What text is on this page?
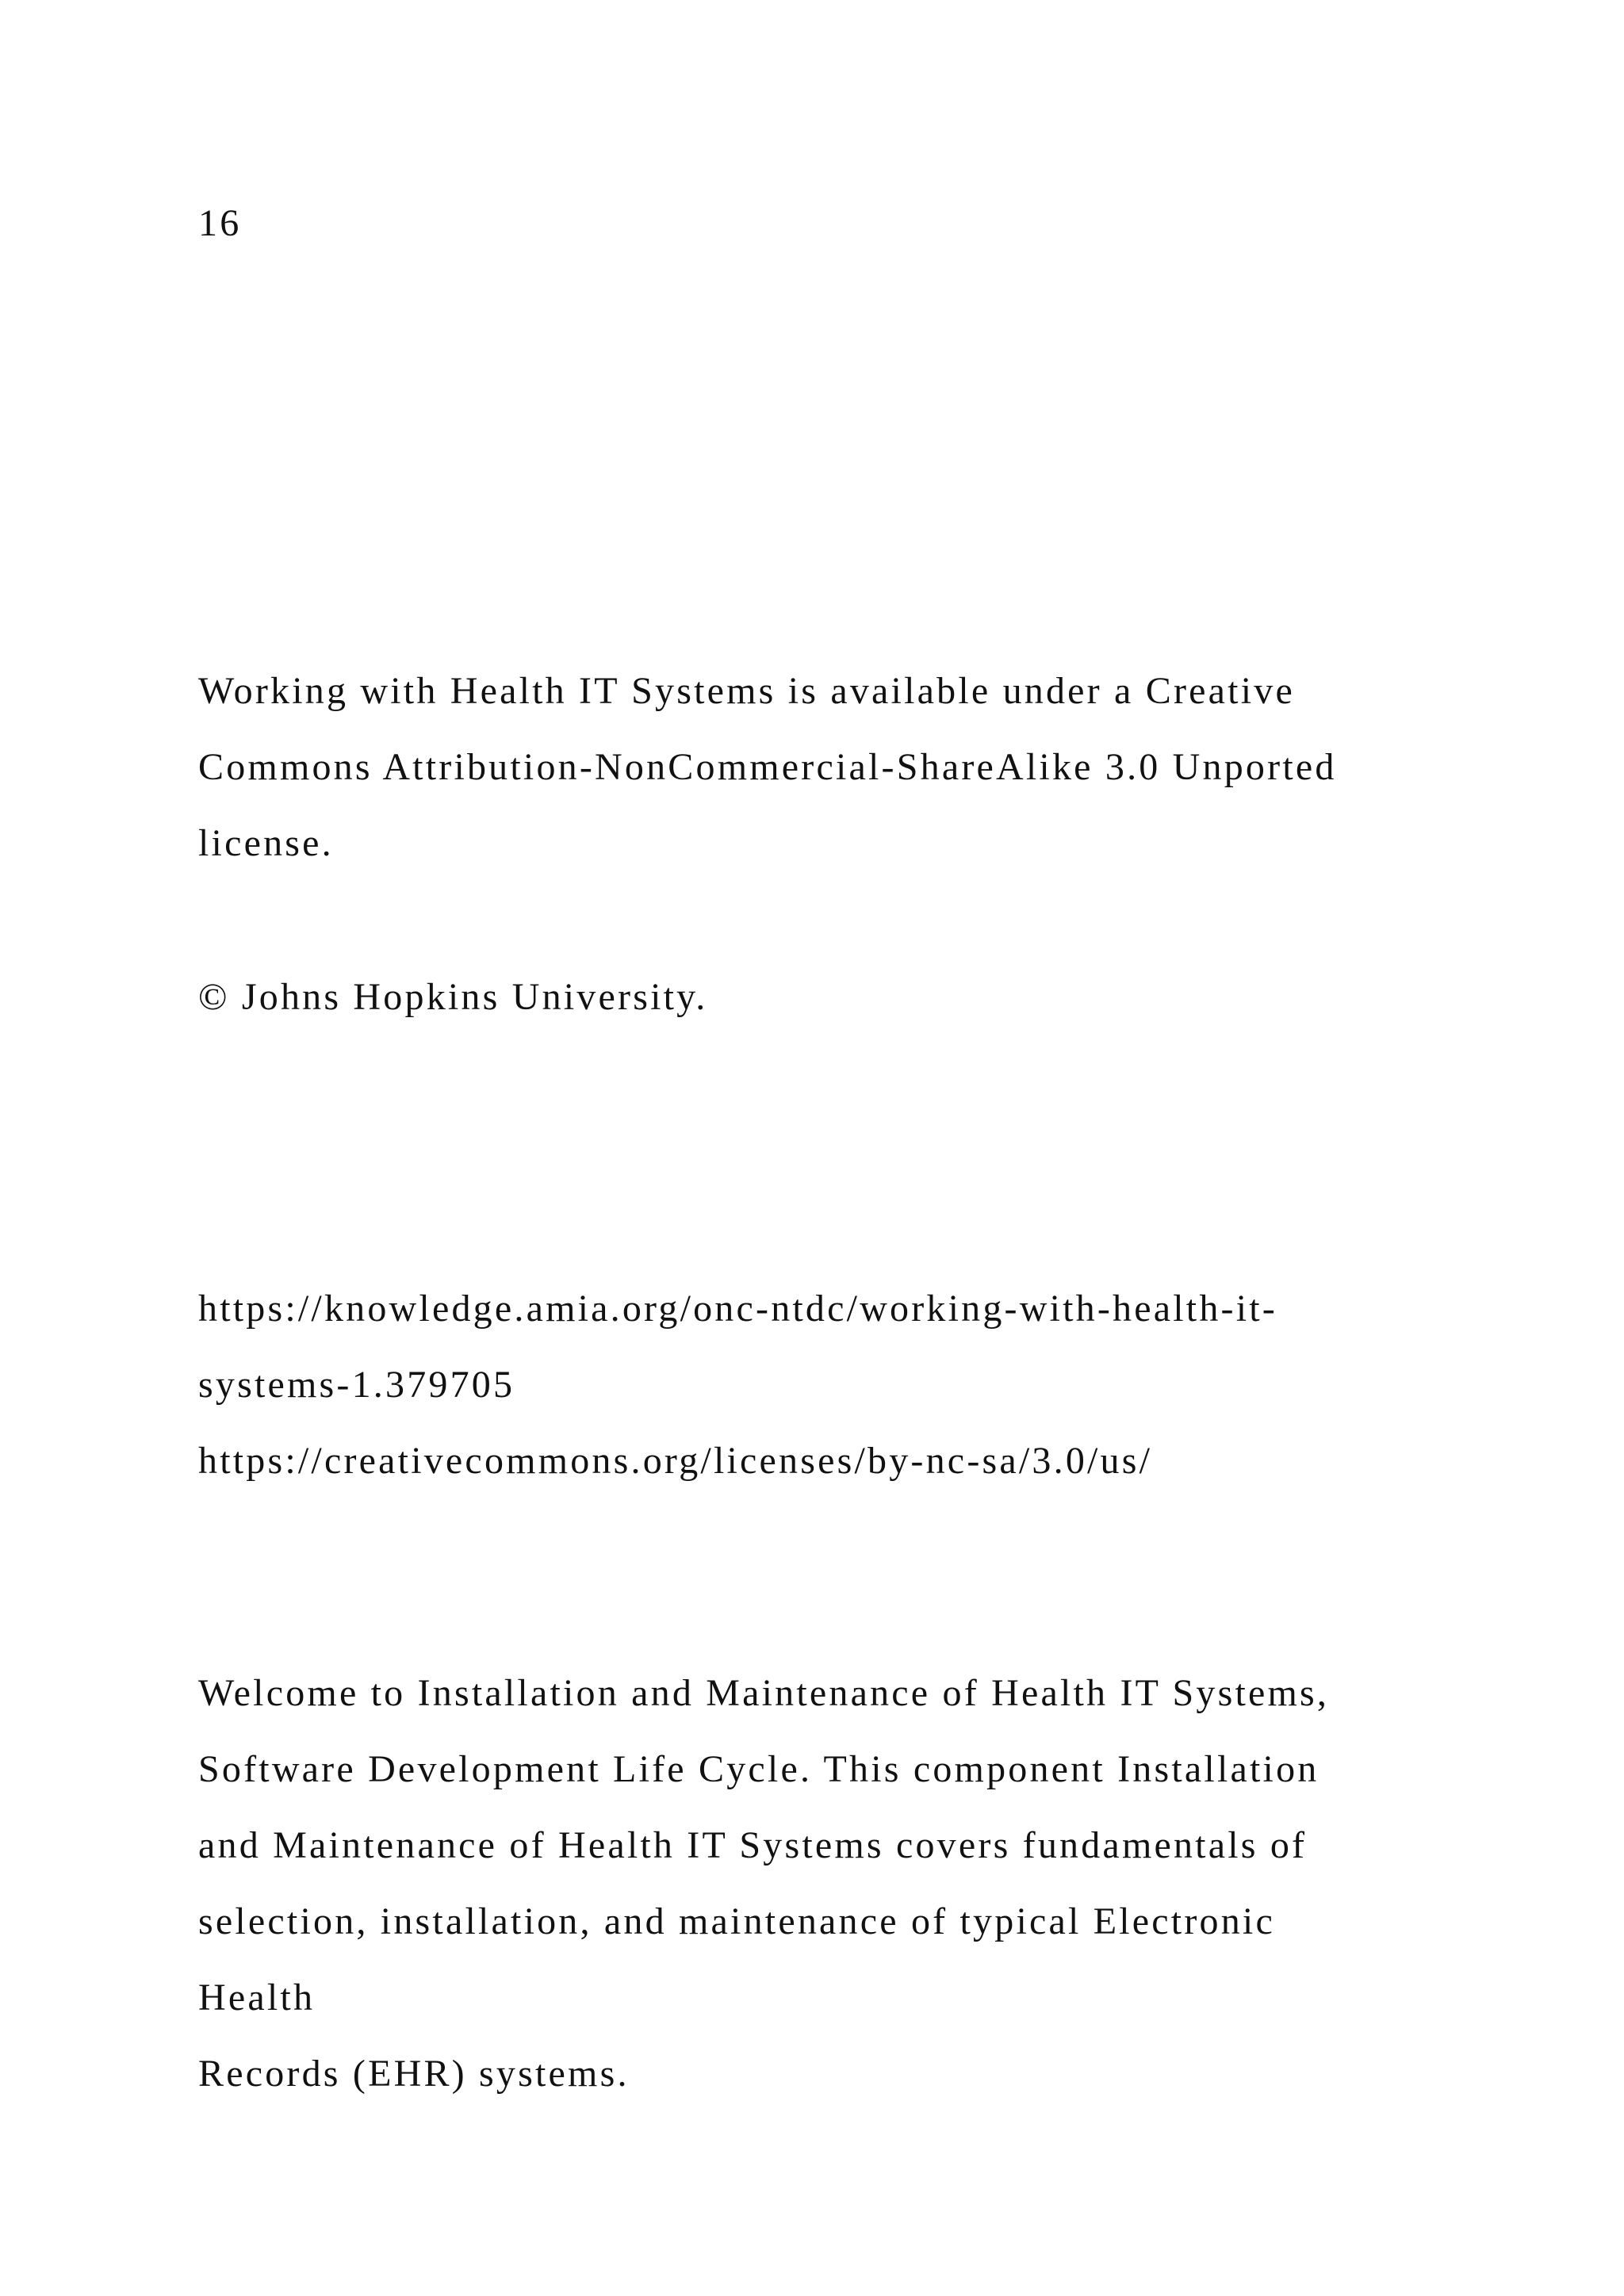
16
Working with Health IT Systems is available under a Creative
Commons Attribution-NonCommercial-ShareAlike 3.0 Unported
license.
© Johns Hopkins University.
https://knowledge.amia.org/onc-ntdc/working-with-health-it-
systems-1.379705
https://creativecommons.org/licenses/by-nc-sa/3.0/us/
Welcome to Installation and Maintenance of Health IT Systems,
Software Development Life Cycle. This component Installation
and Maintenance of Health IT Systems covers fundamentals of
selection, installation, and maintenance of typical Electronic
Health
Records (EHR) systems.
